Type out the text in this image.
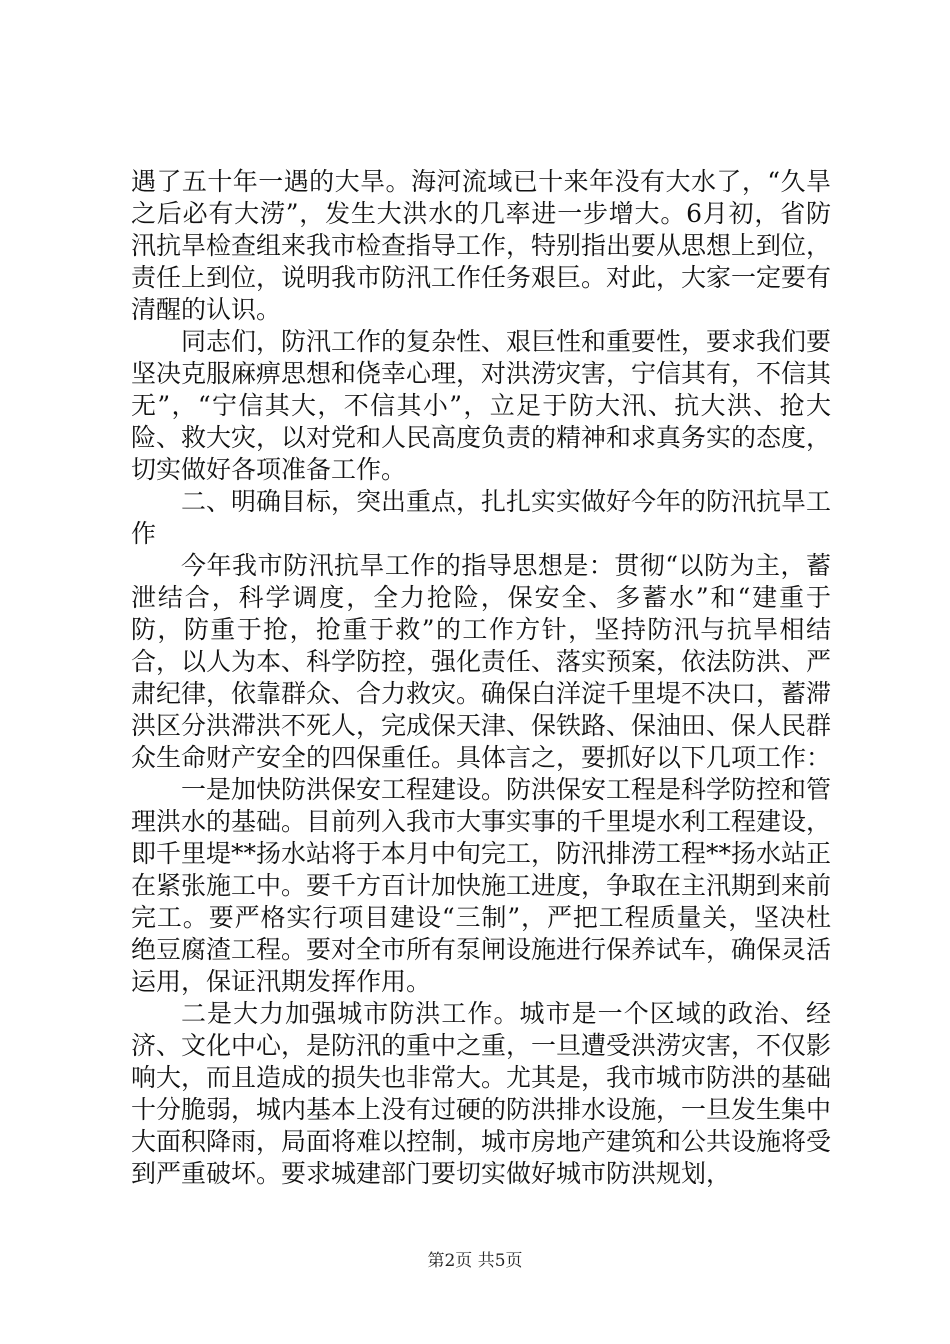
遇了五十年一遇的大旱。海河流域已十来年没有大水了，“久旱之后必有大涝”，发生大洪水的几率进一步增大。6月初，省防汛抗旱检查组来我市检查指导工作，特别指出要从思想上到位，责任上到位，说明我市防汛工作任务艰巨。对此，大家一定要有清醒的认识。

同志们，防汛工作的复杂性、艰巨性和重要性，要求我们要坚决克服麻痹思想和侥幸心理，对洪涝灾害，宁信其有，不信其无”，“宁信其大，不信其小”，立足于防大汛、抗大洪、抢大险、救大灾，以对党和人民高度负责的精神和求真务实的态度，切实做好各项准备工作。

二、明确目标，突出重点，扎扎实实做好今年的防汛抗旱工作

今年我市防汛抗旱工作的指导思想是：贯彻“以防为主，蓄泄结合，科学调度，全力抢险，保安全、多蓄水”和“建重于防，防重于抢，抢重于救”的工作方针，坚持防汛与抗旱相结合，以人为本、科学防控，强化责任、落实预案，依法防洪、严肃纪律，依靠群众、合力救灾。确保白洋淀千里堤不决口，蓄滞洪区分洪滞洪不死人，完成保天津、保铁路、保油田、保人民群众生命财产安全的四保重任。具体言之，要抓好以下几项工作：

一是加快防洪保安工程建设。防洪保安工程是科学防控和管理洪水的基础。目前列入我市大事实事的千里堤水利工程建设，即千里堤**扬水站将于本月中旬完工，防汛排涝工程**扬水站正在紧张施工中。要千方百计加快施工进度，争取在主汛期到来前完工。要严格实行项目建设“三制”，严把工程质量关，坚决杜绝豆腐渣工程。要对全市所有泵闸设施进行保养试车，确保灵活运用，保证汛期发挥作用。

二是大力加强城市防洪工作。城市是一个区域的政治、经济、文化中心，是防汛的重中之重，一旦遭受洪涝灾害，不仅影响大，而且造成的损失也非常大。尤其是，我市城市防洪的基础十分脆弱，城内基本上没有过硬的防洪排水设施，一旦发生集中大面积降雨，局面将难以控制，城市房地产建筑和公共设施将受到严重破坏。要求城建部门要切实做好城市防洪规划，

第2页 共5页
